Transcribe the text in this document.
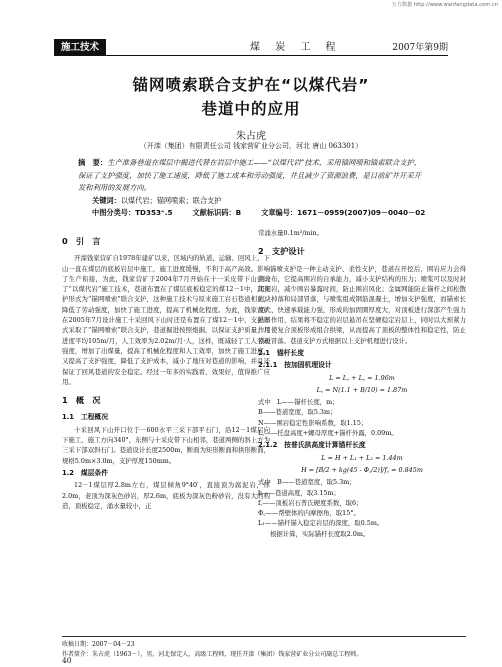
万方数据 http://www.wanfangdata.com.cn
施工技术	煤 炭 工 程	2007年第9期
锚网喷索联合支护在“以煤代岩”
巷道中的应用
朱占虎
（开滦（集团）有限责任公司 钱家营矿业分公司，河北 唐山 063301）
摘　要：生产准备巷道在煤层中掘进代替在岩层中施工——“以煤代岩”技术，采用锚网喷和锚索联合支护，保证了支护强度，加快了施工速度，降低了施工成本和劳动强度，并且减少了资源浪费，是目前矿井开采开发和利用的发展方向。
关键词：以煤代岩；锚网喷索；联合支护
中图分类号：TD353⁺.5	文献标识码：B	文章编号：1671－0959(2007)09－0040－02
0　引　言

开滦钱家营矿自1978年建矿以来，区域内的轨道、运输、回风上、下山一直在煤层的底板岩层中施工，施工进度缓慢，不利于高产高效。影响了生产衔接，为此，钱家营矿于2004年7月开始在十一采皮带下山尝试了“以煤代岩”施工技术，巷道布置在了煤层底板稳定的煤12－1中，其支护形式为“锚网喷索”联合支护，这种施工技术与原来施工岩石巷道相比，降低了劳动强度，加快了施工进度，提高了机械化程度。为此，钱家营矿在2005年7月设计施工十采回风下山时还是布置在了煤12－1中，支护形式采取了“锚网喷索”联合支护，巷道掘进按照炮掘，以保证支护质量，月进度平均105m/月，人工效率为2.02m/月·人，这样，既减轻了工人劳动强度，增加了出煤量，提高了机械化程度和人工效率，加快了施工进度，又提高了支护强度，降低了支护成本，减小了地压对巷道的影响，并且还保证了回风巷道的安全稳定。经过一年多的实践看，效果好，值得推广应用。

1　概　况
1.1　工程概况

十采回风下山开口位于－600水平三采下部平石门，沿12－1煤层向下施工，施工方向340°，东侧与十采皮带下山相邻，巷道两侧的斜上方为三采下部双斜石门。巷道设计长度2500m，断面为矩形断面和拱形断面，规格5.0m×3.0m，支护厚度150mm。

1.2　煤层条件

12－1煤层厚2.8m左右，煤层倾角9°40′，直接顶为腐泥岩，厚2.0m，老顶为深灰色砂岩，厚2.6m，底板为深灰色粉砂岩，没有大的构造，顶板稳定，涌水量较小，正

常涌水量0.1m³/min。

2　支护设计

锚喷支护是一种主动支护、柔性支护，巷道在开挖后，围岩应力会得到分布，它提高围岩的自承能力，减小支护结构的压力；喷浆可以及时封闭围岩，减少围岩暴露时间，防止围岩风化；金属网能防止锚杆之间松散岩块掉落和局部冒落，与喷浆组成钢筋混凝土，增加支护强度，而锚索长度大、快速承载能力强，形成的加固圈厚度大，对顶板进行深部产生强力悬吊作用，结果将不稳定的岩层悬吊在坚硬稳定岩层上，同时以大预紧力作用使复合顶板形成组合拱梁，从而提高了顶板的整体性和稳定性，防止顶板冒落。巷道支护方式根据以上支护机理进行设计。

2.1　锚杆长度
2.1.1　按加固机理设计
L = L꜀ + L꜀ = 1.96m
L꜀ = N(1.1 + B/10) = 1.87m
式中　L——锚杆长度，m；
B——巷道宽度，取5.3m；
N——围岩稳定性影响系数，取1.15；
L꜀——托盘高度+螺母厚度+锚杆外露，0.09m。
2.1.2　按普氏拱高度计算锚杆长度
L = H + L₁ + L₂ = 1.44m
H = [B/2 + kg(45 - Φ꜀/2)]/f꜀ = 0.845m
式中　B——巷道宽度，取5.3m；
h——巷道高度，取3.15m；
f꜀——顶板岩石普氏硬度系数，取6；
Φ꜀——帮壁体的内摩擦角，取15°。
L₁——锚杆锚入稳定岩层的深度，取0.5m。

根据计算，实际锚杆长度取2.0m。

收稿日期：2007－04－23
作者简介：朱占虎（1963－），男，河北保定人，高级工程师，现任开滦（集团）钱家营矿业分公司副总工程师。
40
